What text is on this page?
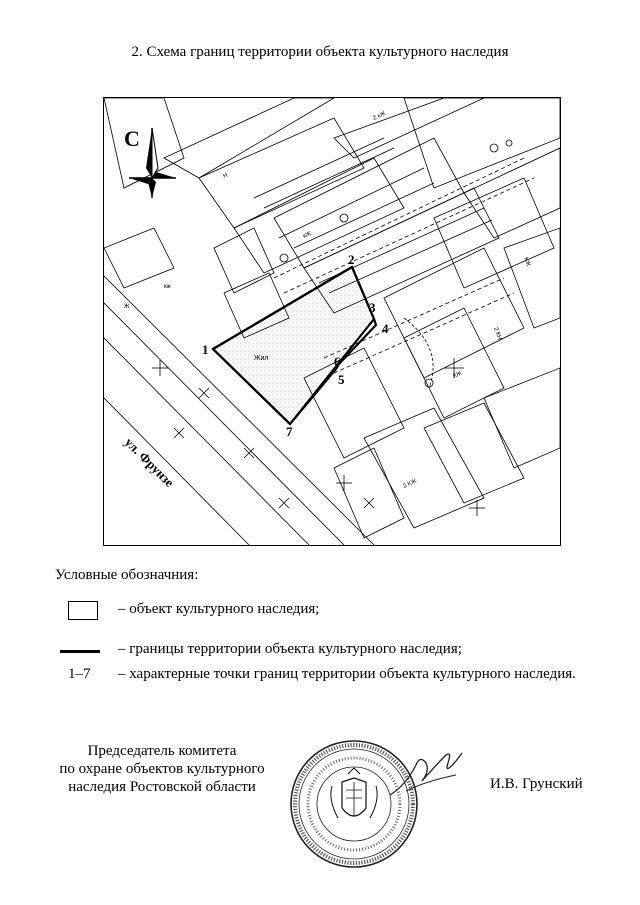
2. Схема границ территории объекта культурного наследия
Н
2 кЖ
кЖ
2 КН
КЖ
2 КЖ
КЖ
кж
Ж
Жил
1
2
3
4
5
6
7
ул. Фрунзе
С
Условные обозначния:
– объект культурного наследия;
– границы территории объекта культурного наследия;
1–7 – характерные точки границ территории объекта культурного наследия.
Председатель комитета
по охране объектов культурного
наследия Ростовской области	И.В. Грунский
